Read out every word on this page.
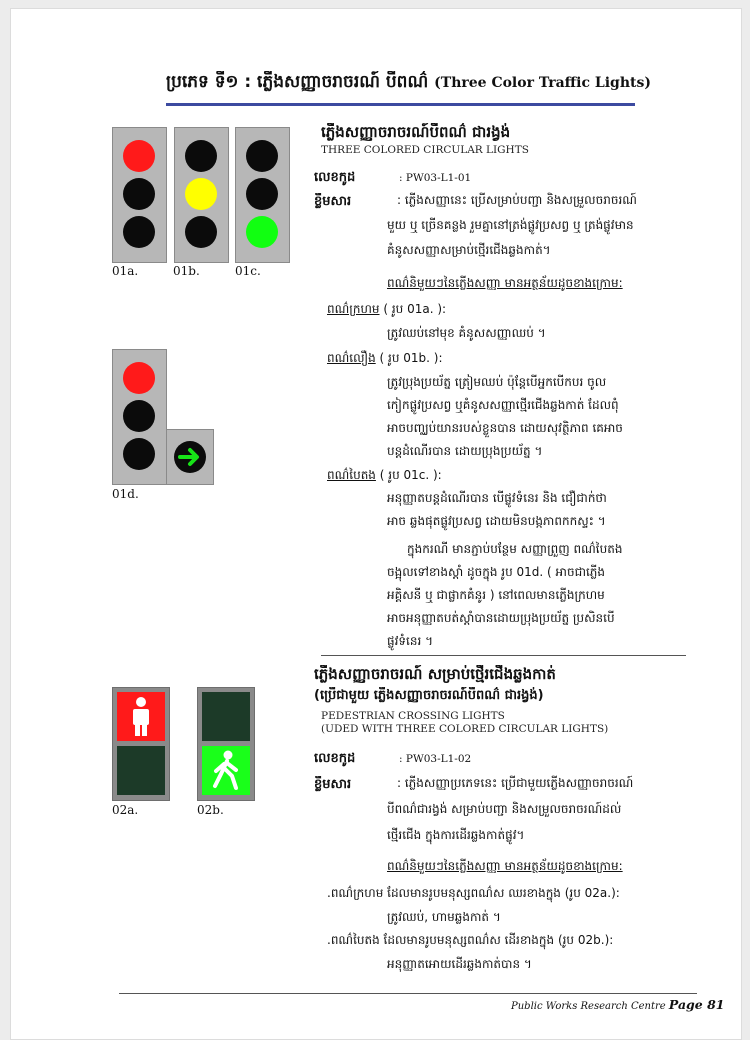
ប្រភេទ ទី១ : ភ្លើងសញ្ញាចរាចរណ៍ បីពណ៌ (Three Color Traffic Lights)
01a.	01b.	01c.
01d.
ភ្លើងសញ្ញាចរាចរណ៍បីពណ៌ ជារង្វង់
THREE COLORED CIRCULAR LIGHTS
លេខកូដ	: PW03-L1-01
ខ្លឹមសារ	: ភ្លើងសញ្ញានេះ ប្រើសម្រាប់បញ្ជា និងសម្រួលចរាចរណ៍
មួយ ឬ ច្រើនគន្លង រួមគ្នានៅត្រង់ផ្លូវប្រសព្វ ឬ ត្រង់ផ្លូវមាន
គំនូសសញ្ញាសម្រាប់ថ្មើរជើងឆ្លងកាត់។
ពណ៌និមួយៗនៃភ្លើងសញ្ញា មានអត្ថន័យដូចខាងក្រោម:
ពណ៌ក្រហម ( រូប 01a. ):
ត្រូវឈប់នៅមុខ គំនូសសញ្ញាឈប់ ។
ពណ៌លឿង ( រូប 01b. ):
ត្រូវប្រុងប្រយ័ត្ន ត្រៀមឈប់ ប៉ុន្តែបើអ្នកបើកបរ ចូល
កៀកផ្លូវប្រសព្វ ឬគំនូសសញ្ញាថ្មើរជើងឆ្លងកាត់ ដែលពុំ
អាចបញ្ឈប់យានរបស់ខ្លួនបាន ដោយសុវត្ថិភាព គេអាច
បន្តដំណើរបាន ដោយប្រុងប្រយ័ត្ន ។
ពណ៌បៃតង ( រូប 01c. ):
អនុញ្ញាតបន្តដំណើរបាន បើផ្លូវទំនេរ និង ជឿជាក់ថា
អាច ឆ្លងផុតផ្លូវប្រសព្វ ដោយមិនបង្កភាពកកស្ទះ ។
ក្នុងករណី មានភ្ជាប់បន្ថែម សញ្ញាព្រួញ ពណ៌បៃតង
ចង្អុលទៅខាងស្តាំ ដូចក្នុង រូប 01d. ( អាចជាភ្លើង
អគ្គិសនី ឬ ជាផ្លាកគំនូរ ) នៅពេលមានភ្លើងក្រហម
អាចអនុញ្ញាតបត់ស្តាំបានដោយប្រុងប្រយ័ត្ន ប្រសិនបើ
ផ្លូវទំនេរ ។
02a.	02b.
ភ្លើងសញ្ញាចរាចរណ៍ សម្រាប់ថ្មើរជើងឆ្លងកាត់
(ប្រើជាមួយ ភ្លើងសញ្ញាចរាចរណ៍បីពណ៌ ជារង្វង់)
PEDESTRIAN CROSSING LIGHTS
(UDED WITH THREE COLORED CIRCULAR LIGHTS)
លេខកូដ	: PW03-L1-02
ខ្លឹមសារ	: ភ្លើងសញ្ញាប្រភេទនេះ ប្រើជាមួយភ្លើងសញ្ញាចរាចរណ៍
បីពណ៌ជារង្វង់ សម្រាប់បញ្ជា និងសម្រួលចរាចរណ៍ដល់
ថ្មើរជើង ក្នុងការដើរឆ្លងកាត់ផ្លូវ។
ពណ៌និមួយៗនៃភ្លើងសញ្ញា មានអត្ថន័យដូចខាងក្រោម:
.ពណ៌ក្រហម ដែលមានរូបមនុស្សពណ៌ស ឈរខាងក្នុង (រូប 02a.):
ត្រូវឈប់, ហាមឆ្លងកាត់ ។
.ពណ៌បៃតង ដែលមានរូបមនុស្សពណ៌ស ដើរខាងក្នុង (រូប 02b.):
អនុញ្ញាតអោយដើរឆ្លងកាត់បាន ។
Public Works Research Centre Page 81
